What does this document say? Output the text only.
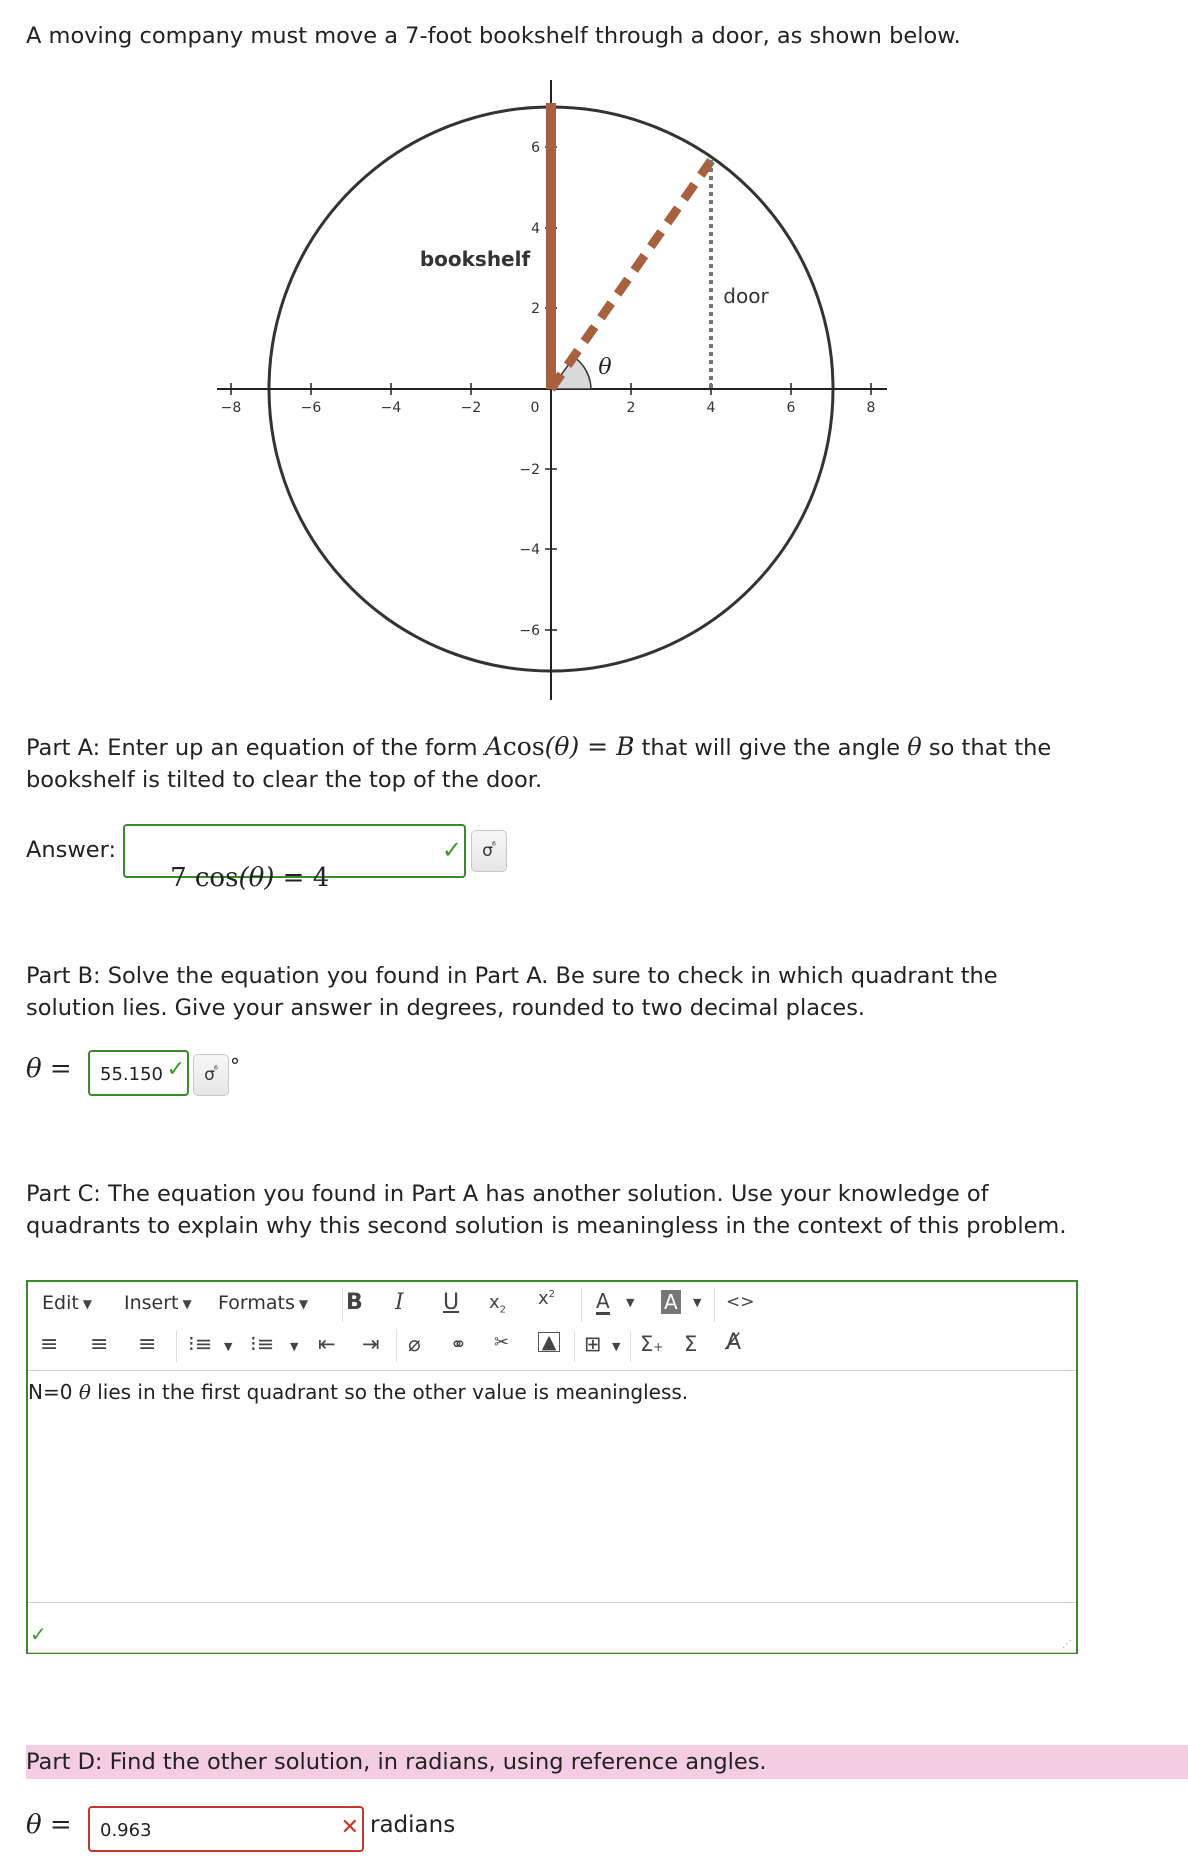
A moving company must move a 7-foot bookshelf through a door, as shown below.
−8	−6	−4	−2	0	2	4	6	8
6
4
2
−2
−4
−6
bookshelf
door
θ
Part A: Enter up an equation of the form Acos(θ) = B that will give the angle θ so that the
bookshelf is tilted to clear the top of the door.
Answer:

7 cos(θ) = 4

✓	σ ⁶
Part B: Solve the equation you found in Part A. Be sure to check in which quadrant the
solution lies. Give your answer in degrees, rounded to two decimal places.
θ = 55.150 ✓	σ ⁶ °
Part C: The equation you found in Part A has another solution. Use your knowledge of
quadrants to explain why this second solution is meaningless in the context of this problem.
Edit ▼ Insert ▼ Formats ▼ B I U $x_2$
$x^2$ A ▼ A ▼ <>
≡ ≡ ≡ ⁝≡ ▼ ⁝≡ ▼ ⇤ ⇥ ⌀ ⚭ ✂ ▲ ⊞ ▼ Σ+ Σ A̸
N=0 θ lies in the first quadrant so the other value is meaningless.
⋰
✓
Part D: Find the other solution, in radians, using reference angles.
θ = 0.963	✕ radians
